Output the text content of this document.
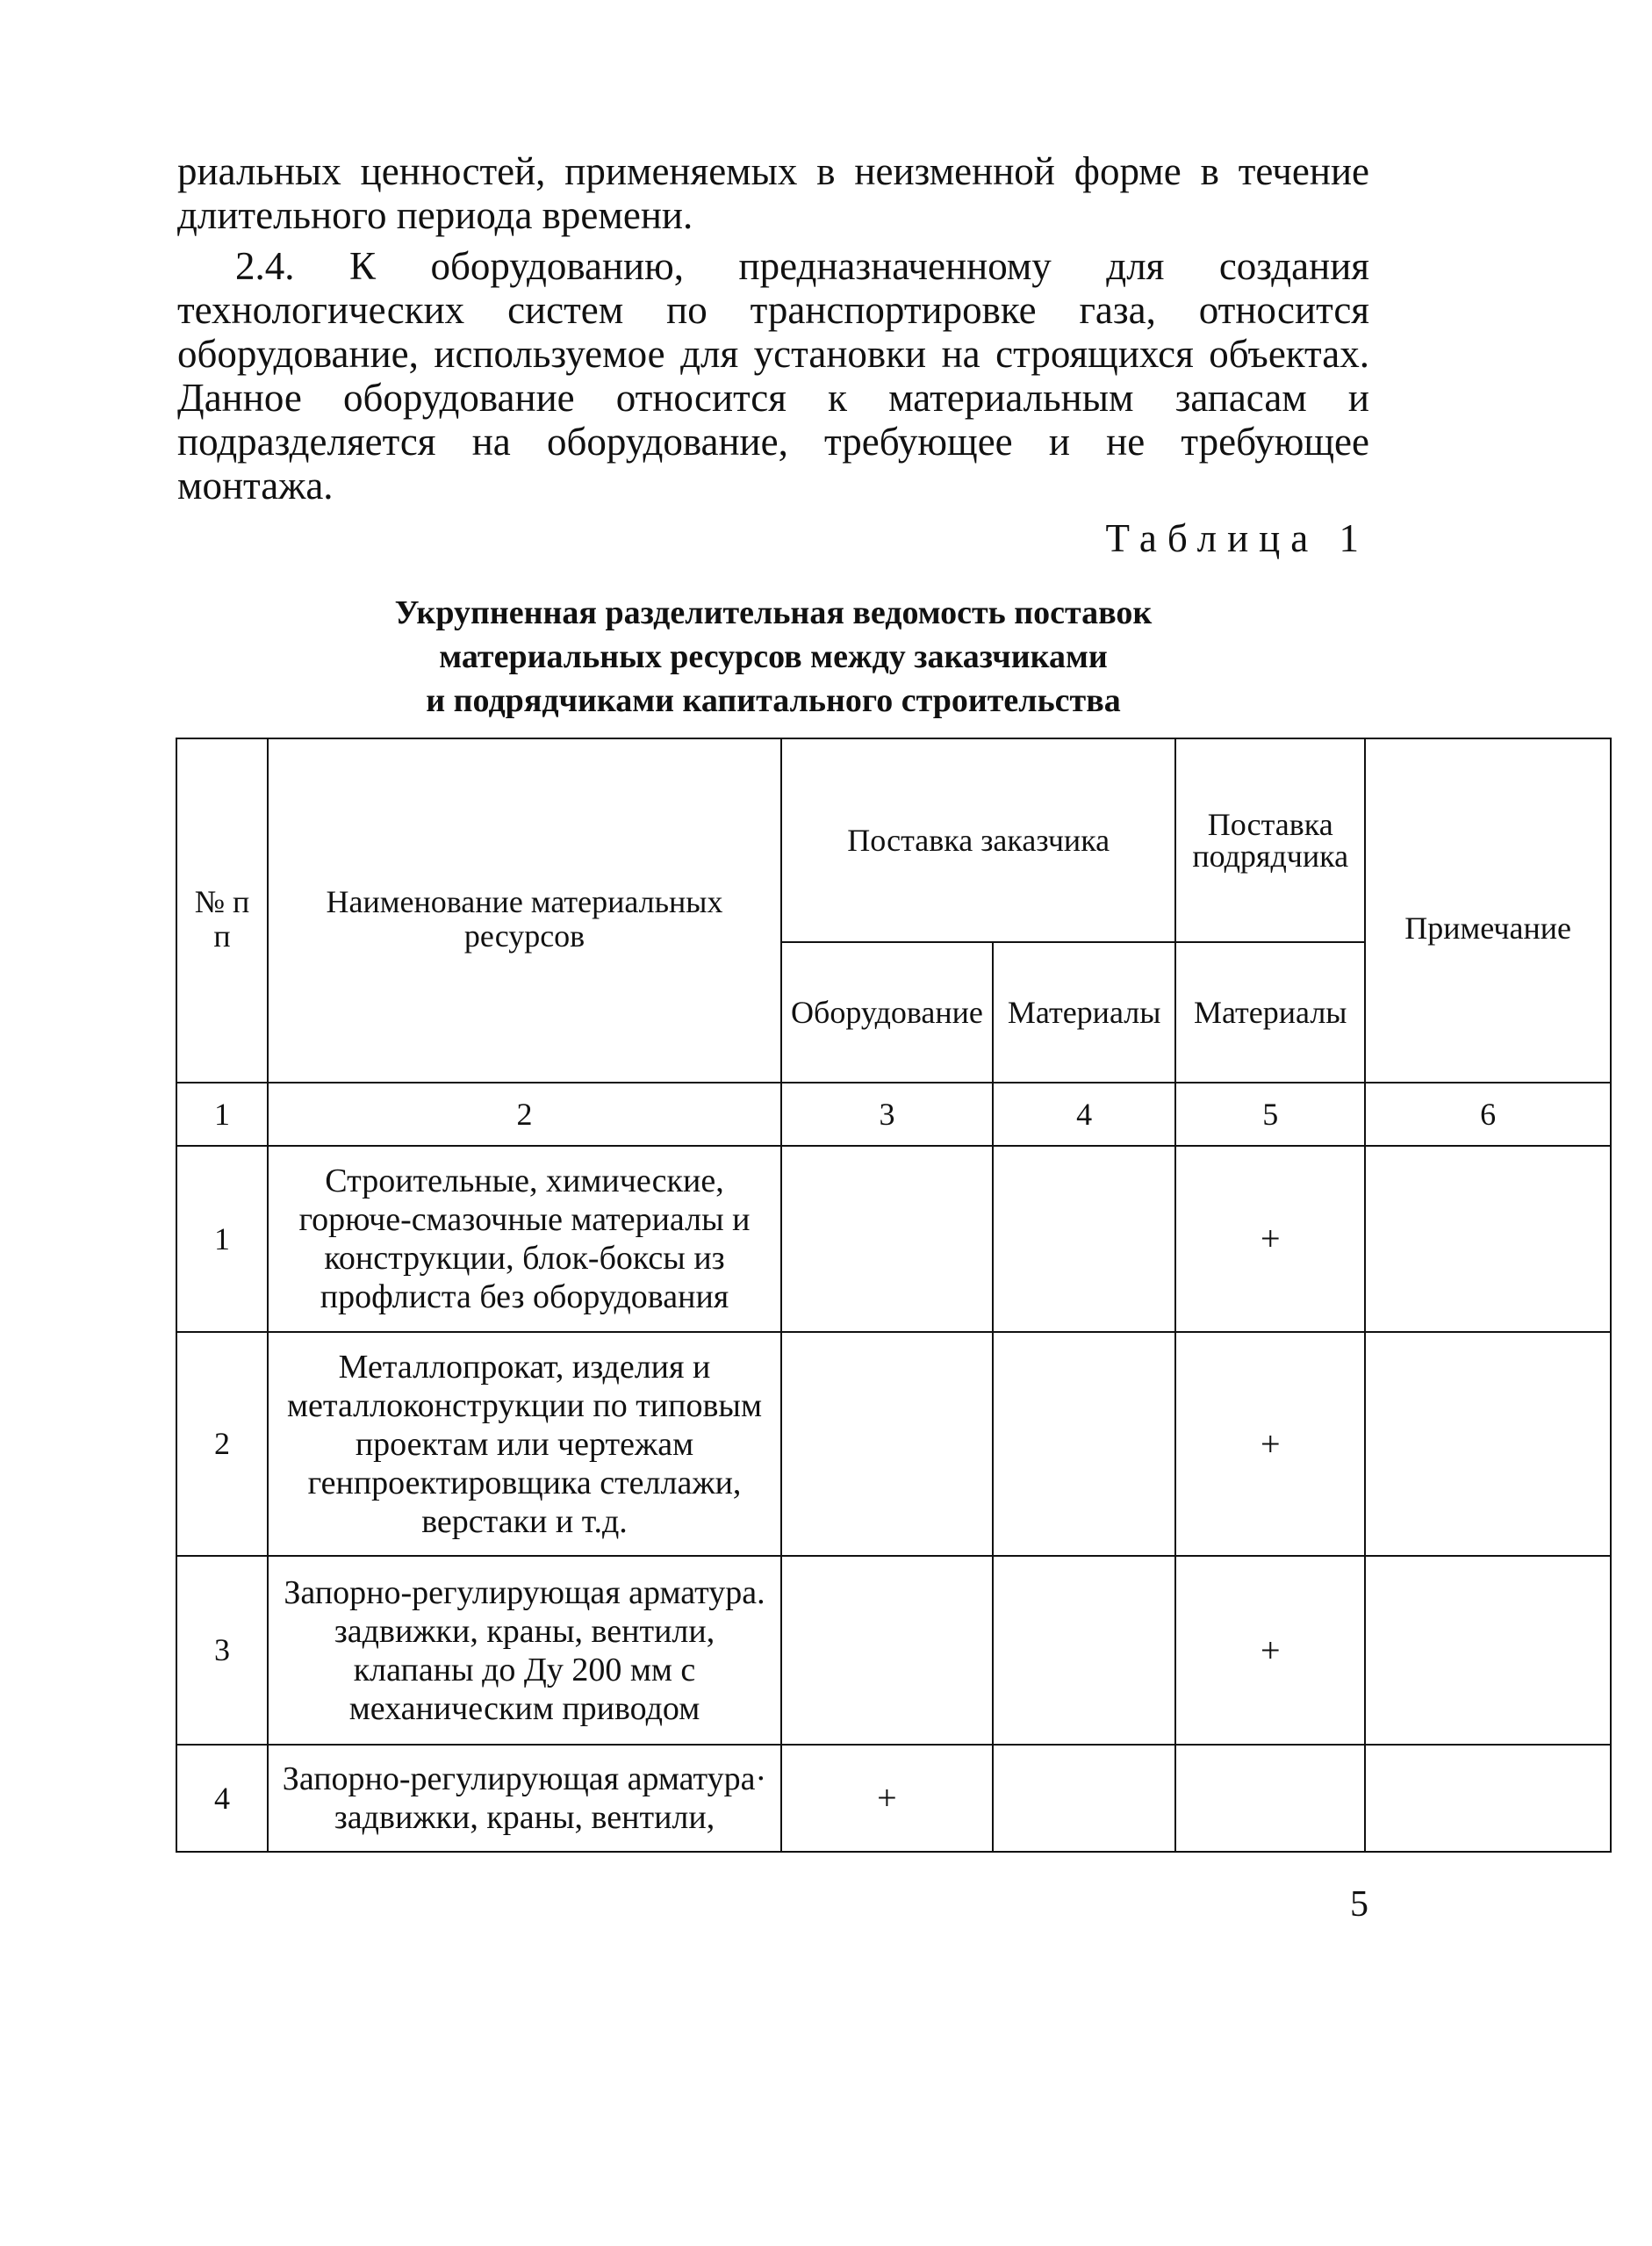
риальных ценностей, применяемых в неизменной форме в течение длительного периода времени.

2.4. К оборудованию, предназначенному для создания технологических систем по транспортировке газа, относится оборудование, используемое для установки на строящихся объектах. Данное оборудование относится к материальным запасам и подразделяется на оборудование, требующее и не требующее монтажа.

Таблица 1

Укрупненная разделительная ведомость поставок
материальных ресурсов между заказчиками
и подрядчиками капитального строительства
№ п п	Наименование материальных ресурсов	Поставка заказчика		Поставка подрядчика	Примечание
		Оборудование	Материалы	Материалы	
1	2	3	4	5	6
1	Строительные, химические, горюче-смазочные материалы и конструкции, блок-боксы из профлиста без оборудования			+	
2	Металлопрокат, изделия и металлоконструкции по типовым проектам или чертежам генпроектировщика стеллажи, верстаки и т.д.			+	
3	Запорно-регулирующая арматура. задвижки, краны, вентили, клапаны до Ду 200 мм с механическим приводом			+	
4	Запорно-регулирующая арматура· задвижки, краны, вентили,	+			

5
